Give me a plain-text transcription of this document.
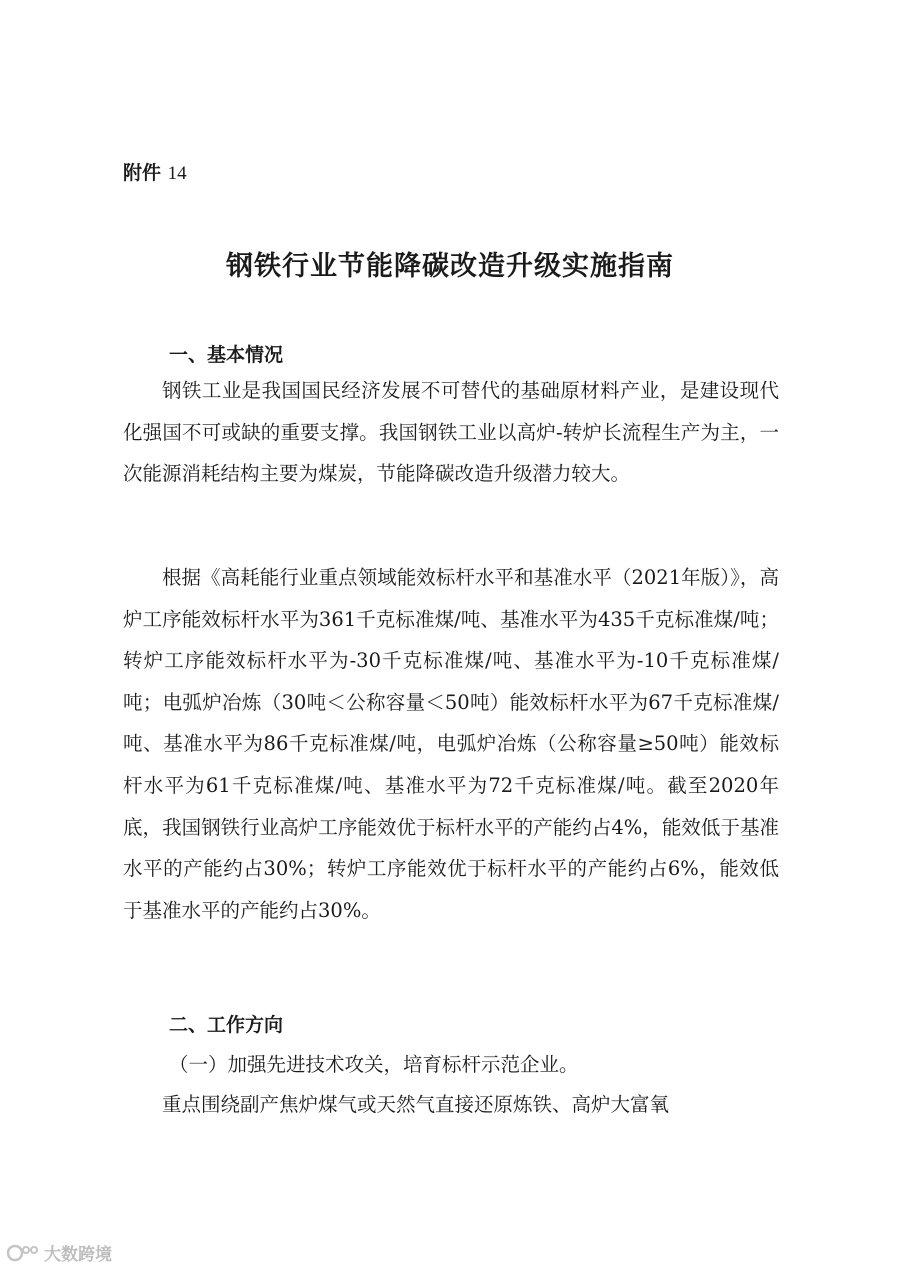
附件 14
钢铁行业节能降碳改造升级实施指南
一、基本情况
钢铁工业是我国国民经济发展不可替代的基础原材料产业，是建设现代化强国不可或缺的重要支撑。我国钢铁工业以高炉-转炉长流程生产为主，一次能源消耗结构主要为煤炭，节能降碳改造升级潜力较大。
根据《高耗能行业重点领域能效标杆水平和基准水平（2021年版）》，高炉工序能效标杆水平为361千克标准煤/吨、基准水平为435千克标准煤/吨；转炉工序能效标杆水平为-30千克标准煤/吨、基准水平为-10千克标准煤/吨；电弧炉冶炼（30吨＜公称容量＜50吨）能效标杆水平为67千克标准煤/吨、基准水平为86千克标准煤/吨，电弧炉冶炼（公称容量≥50吨）能效标杆水平为61千克标准煤/吨、基准水平为72千克标准煤/吨。截至2020年底，我国钢铁行业高炉工序能效优于标杆水平的产能约占4%，能效低于基准水平的产能约占30%；转炉工序能效优于标杆水平的产能约占6%，能效低于基准水平的产能约占30%。
二、工作方向
（一）加强先进技术攻关，培育标杆示范企业。
重点围绕副产焦炉煤气或天然气直接还原炼铁、高炉大富氧
大数跨境
